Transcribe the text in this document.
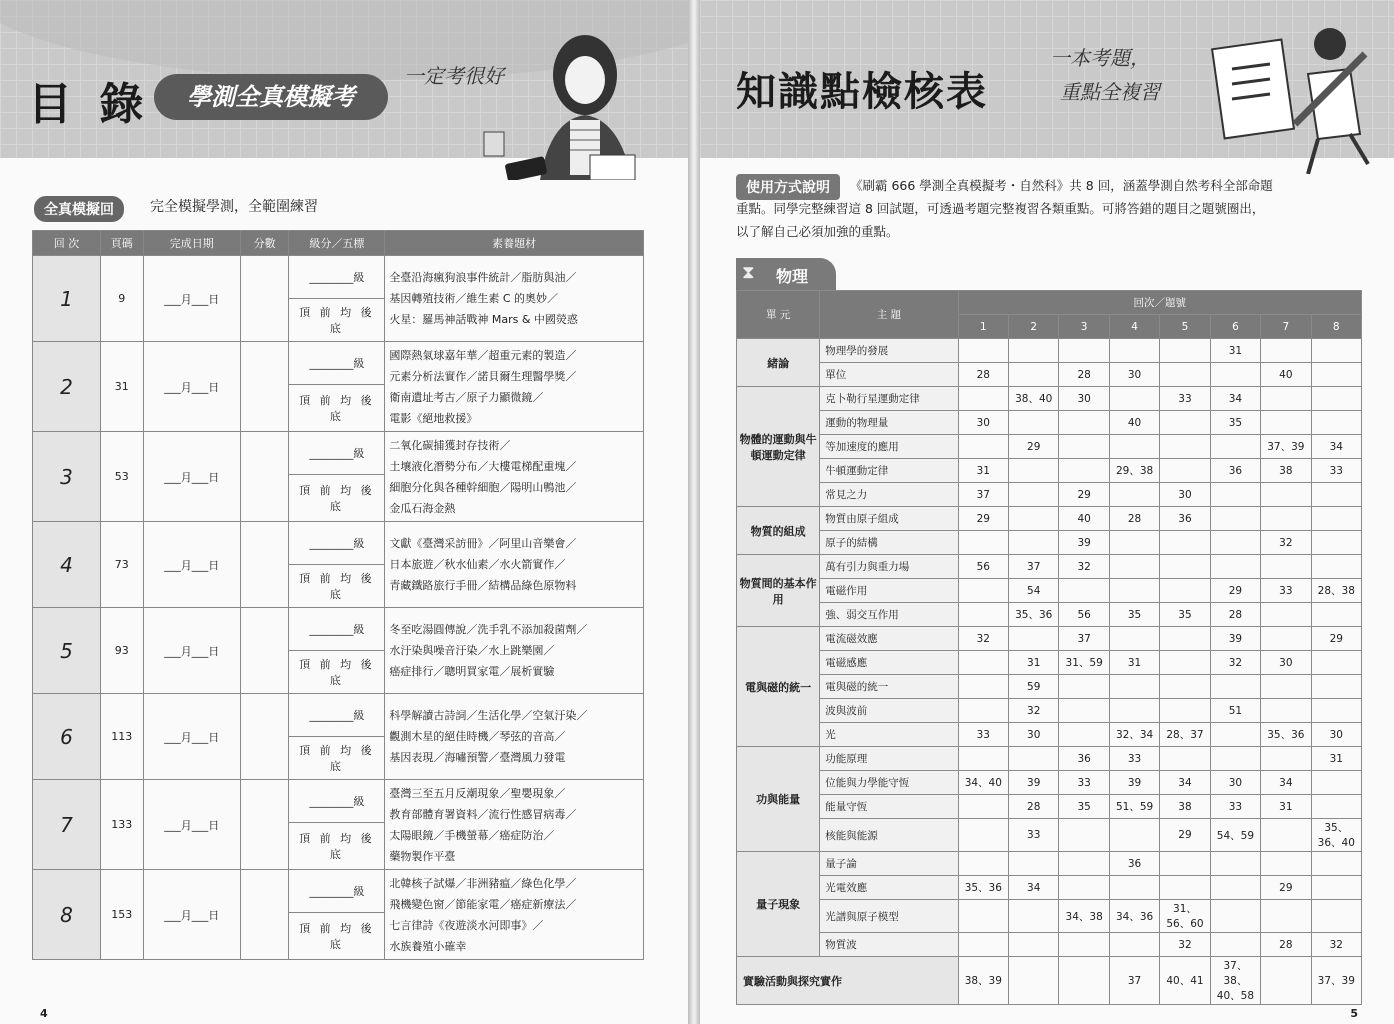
目 錄	學測全真模擬考
一定考很好
全真模擬回	完全模擬學測，全範圍練習
回 次	頁碼	完成日期	分數	級分／五標	素養題材
1	9	___月___日		________級	全臺沿海瘋狗浪事件統計／脂肪與油／
基因轉殖技術／維生素 C 的奧妙／
火星：羅馬神話戰神 Mars & 中國熒惑

				頂 前 均 後 底	
2	31	___月___日		________級	國際熱氣球嘉年華／超重元素的製造／
元素分析法實作／諾貝爾生理醫學獎／
衛南遺址考古／原子力顯微鏡／
電影《絕地救援》

				頂 前 均 後 底	
3	53	___月___日		________級	二氧化碳捕獲封存技術／
土壤液化潛勢分布／大樓電梯配重塊／
細胞分化與各種幹細胞／陽明山鴨池／
金瓜石海金熱

				頂 前 均 後 底	
4	73	___月___日		________級	文獻《臺灣采訪冊》／阿里山音樂會／
日本旅遊／秋水仙素／水火箭實作／
青藏鐵路旅行手冊／結構品綠色原物料

				頂 前 均 後 底	
5	93	___月___日		________級	冬至吃湯圓傳說／洗手乳不添加殺菌劑／
水汙染與噪音汙染／水上跳樂園／
癌症排行／聰明買家電／展析實驗

				頂 前 均 後 底	
6	113	___月___日		________級	科學解讀古詩詞／生活化學／空氣汙染／
觀測木星的絕佳時機／琴弦的音高／
基因表現／海嘯預警／臺灣風力發電

				頂 前 均 後 底	
7	133	___月___日		________級	臺灣三至五月反潮現象／聖嬰現象／
教育部體育署資料／流行性感冒病毒／
太陽眼鏡／手機螢幕／癌症防治／
藥物製作平臺

				頂 前 均 後 底	
8	153	___月___日		________級	北韓核子試爆／非洲豬瘟／綠色化學／
飛機變色窗／節能家電／癌症新療法／
七言律詩《夜遊淡水河即事》／
水族養殖小確幸

				頂 前 均 後 底	
4
知識點檢核表
一本考題，
重點全複習
使用方式說明	《刷霸 666 學測全真模擬考・自然科》共 8 回，涵蓋學測自然考科全部命題
重點。同學完整練習這 8 回試題，可透過考題完整複習各類重點。可將答錯的題目之題號圈出，
以了解自己必須加強的重點。
⧗ 物理
單 元	主 題	回次／題號							
		1	2	3	4	5	6	7	8
緒論	物理學的發展						31		
	單位	28		28	30			40	
物體的運動與牛頓運動定律	克卜勒行星運動定律		38、40	30		33	34		
	運動的物理量	30			40		35		
	等加速度的應用		29					37、39	34
	牛頓運動定律	31			29、38		36	38	33
	常見之力	37		29		30			
物質的組成	物質由原子組成	29		40	28	36			
	原子的結構			39				32	
物質間的基本作用	萬有引力與重力場	56	37	32					
	電磁作用		54				29	33	28、38
	強、弱交互作用		35、36	56	35	35	28		
電與磁的統一	電流磁效應	32		37			39		29
	電磁感應		31	31、59	31		32	30	
	電與磁的統一		59						
	波與波前		32				51		
	光	33	30		32、34	28、37		35、36	30
功與能量	功能原理			36	33				31
	位能與力學能守恆	34、40	39	33	39	34	30	34	
	能量守恆		28	35	51、59	38	33	31	
	核能與能源		33			29	54、59		35、36、40
量子現象	量子論				36				
	光電效應	35、36	34					29	
	光譜與原子模型			34、38	34、36	31、56、60			
	物質波					32		28	32
實驗活動與探究實作		38、39			37	40、41	37、38、40、58		37、39
5
